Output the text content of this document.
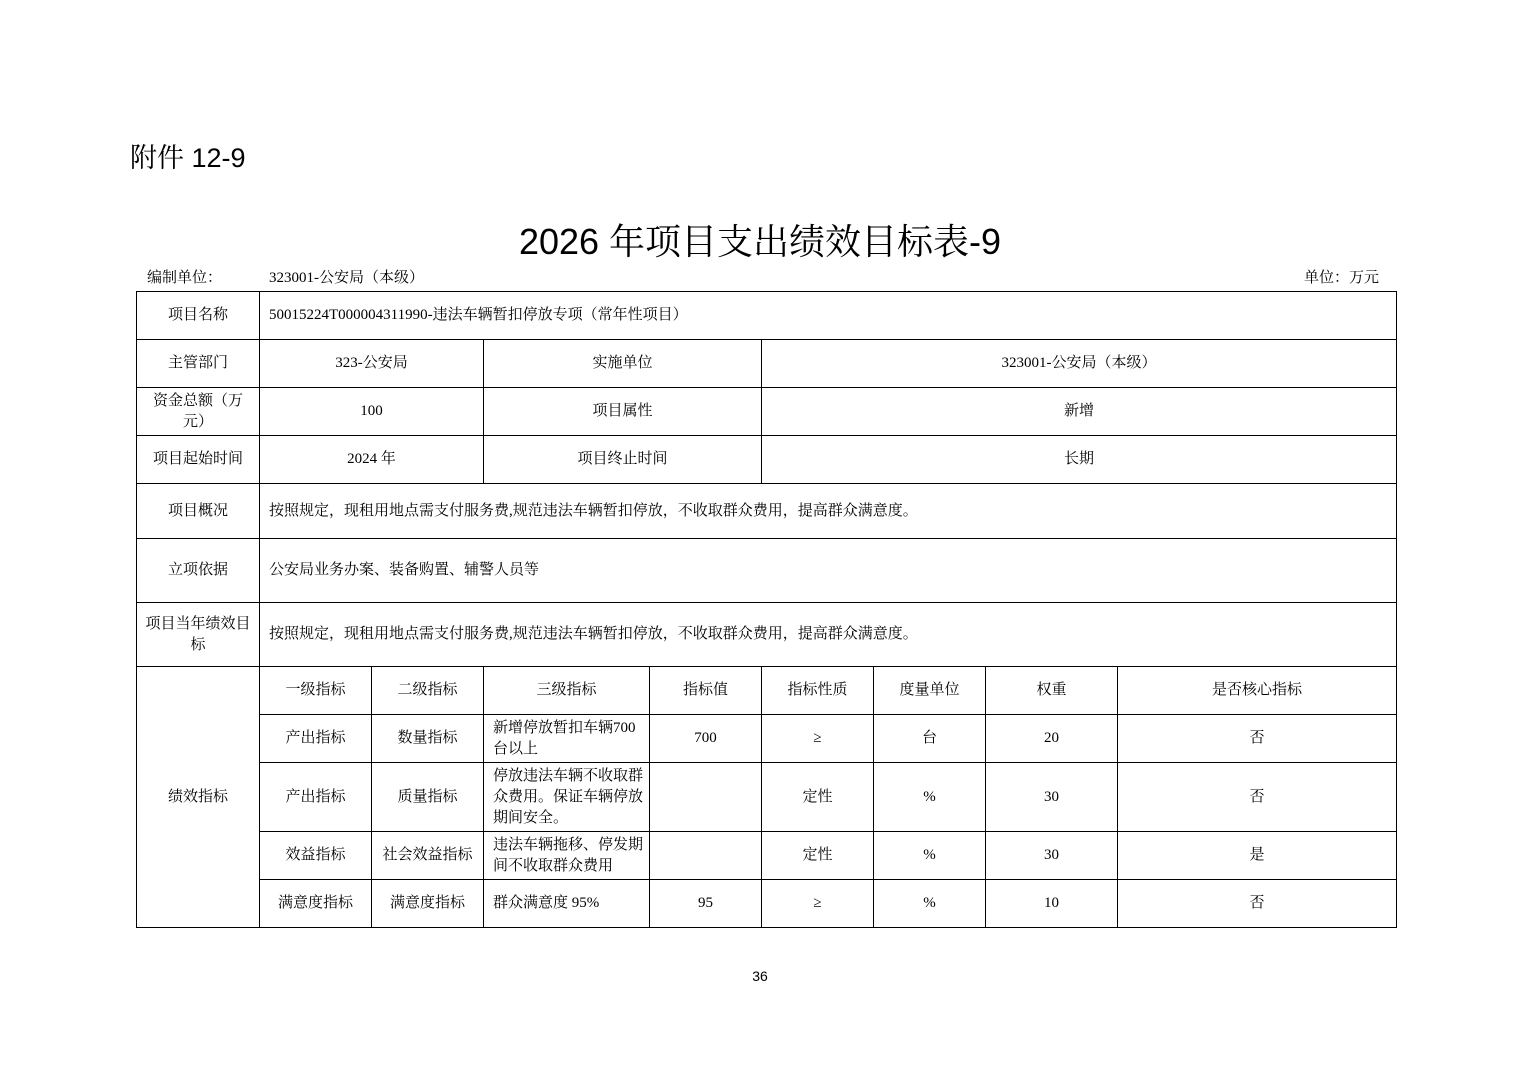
附件 12-9
2026 年项目支出绩效目标表-9
编制单位：	323001-公安局（本级）	单位：万元
项目名称	50015224T000004311990-违法车辆暂扣停放专项（常年性项目）							
主管部门	323-公安局		实施单位		323001-公安局（本级）			
资金总额（万元）	100		项目属性		新增			
项目起始时间	2024 年		项目终止时间		长期			
项目概况	按照规定，现租用地点需支付服务费,规范违法车辆暂扣停放，不收取群众费用，提高群众满意度。							
立项依据	公安局业务办案、装备购置、辅警人员等							
项目当年绩效目标	按照规定，现租用地点需支付服务费,规范违法车辆暂扣停放，不收取群众费用，提高群众满意度。							
绩效指标	一级指标	二级指标	三级指标	指标值	指标性质	度量单位	权重	是否核心指标
	产出指标	数量指标	新增停放暂扣车辆700 台以上	700	≥	台	20	否
	产出指标	质量指标	停放违法车辆不收取群众费用。保证车辆停放期间安全。		定性	%	30	否
	效益指标	社会效益指标	违法车辆拖移、停发期间不收取群众费用		定性	%	30	是
	满意度指标	满意度指标	群众满意度 95%	95	≥	%	10	否
36
